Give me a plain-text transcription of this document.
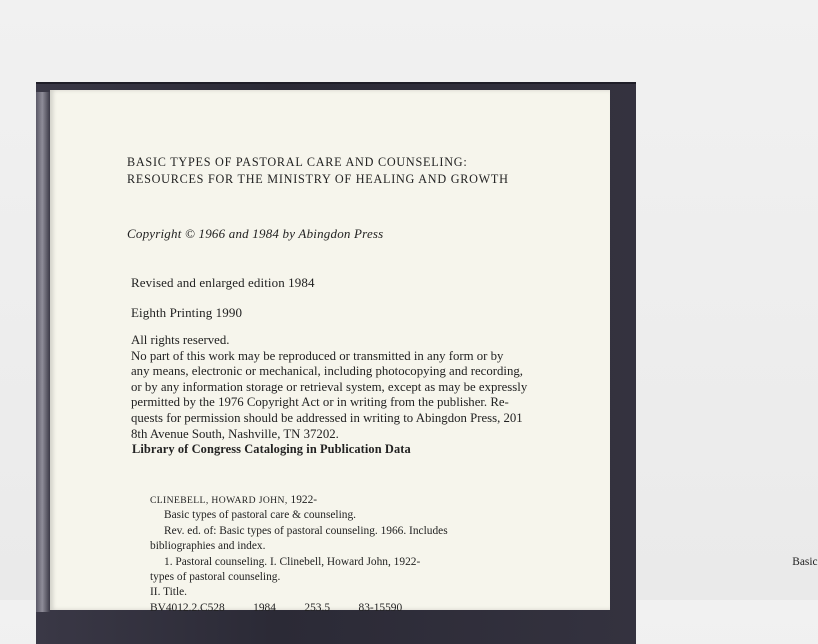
BASIC TYPES OF PASTORAL CARE AND COUNSELING:
RESOURCES FOR THE MINISTRY OF HEALING AND GROWTH
Copyright © 1966 and 1984 by Abingdon Press
Revised and enlarged edition 1984
Eighth Printing 1990
All rights reserved.
No part of this work may be reproduced or transmitted in any form or by
any means, electronic or mechanical, including photocopying and recording,
or by any information storage or retrieval system, except as may be expressly
permitted by the 1976 Copyright Act or in writing from the publisher. Re-
quests for permission should be addressed in writing to Abingdon Press, 201
8th Avenue South, Nashville, TN 37202.
Library of Congress Cataloging in Publication Data
CLINEBELL, HOWARD JOHN, 1922-
Basic types of pastoral care & counseling.
Rev. ed. of: Basic types of pastoral counseling. 1966. Includes
bibliographies and index.
1. Pastoral counseling. I. Clinebell, Howard John, 1922-	Basic
types of pastoral counseling.
II. Title.
BV4012.2.C528          1984          253.5          83-15590
